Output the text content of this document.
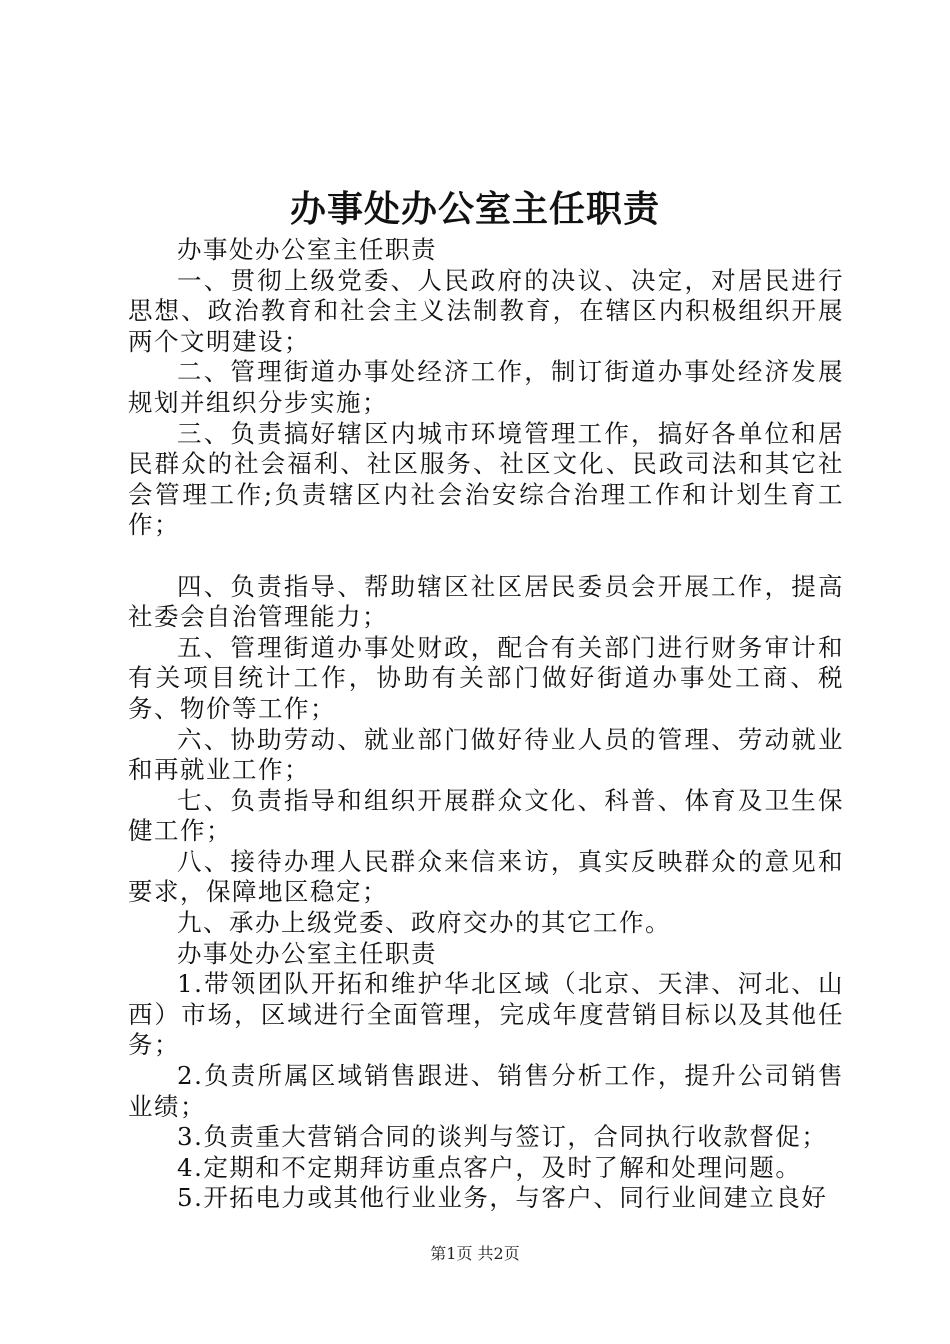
办事处办公室主任职责

办事处办公室主任职责

一、贯彻上级党委、人民政府的决议、决定，对居民进行思想、政治教育和社会主义法制教育，在辖区内积极组织开展两个文明建设；

二、管理街道办事处经济工作，制订街道办事处经济发展规划并组织分步实施；

三、负责搞好辖区内城市环境管理工作，搞好各单位和居民群众的社会福利、社区服务、社区文化、民政司法和其它社会管理工作;负责辖区内社会治安综合治理工作和计划生育工作；

四、负责指导、帮助辖区社区居民委员会开展工作，提高社委会自治管理能力；

五、管理街道办事处财政，配合有关部门进行财务审计和有关项目统计工作，协助有关部门做好街道办事处工商、税务、物价等工作；

六、协助劳动、就业部门做好待业人员的管理、劳动就业和再就业工作；

七、负责指导和组织开展群众文化、科普、体育及卫生保健工作；

八、接待办理人民群众来信来访，真实反映群众的意见和要求，保障地区稳定；

九、承办上级党委、政府交办的其它工作。

办事处办公室主任职责

1.带领团队开拓和维护华北区域（北京、天津、河北、山西）市场，区域进行全面管理，完成年度营销目标以及其他任务；

2.负责所属区域销售跟进、销售分析工作，提升公司销售业绩；

3.负责重大营销合同的谈判与签订，合同执行收款督促；

4.定期和不定期拜访重点客户，及时了解和处理问题。

5.开拓电力或其他行业业务，与客户、同行业间建立良好

第1页 共2页
